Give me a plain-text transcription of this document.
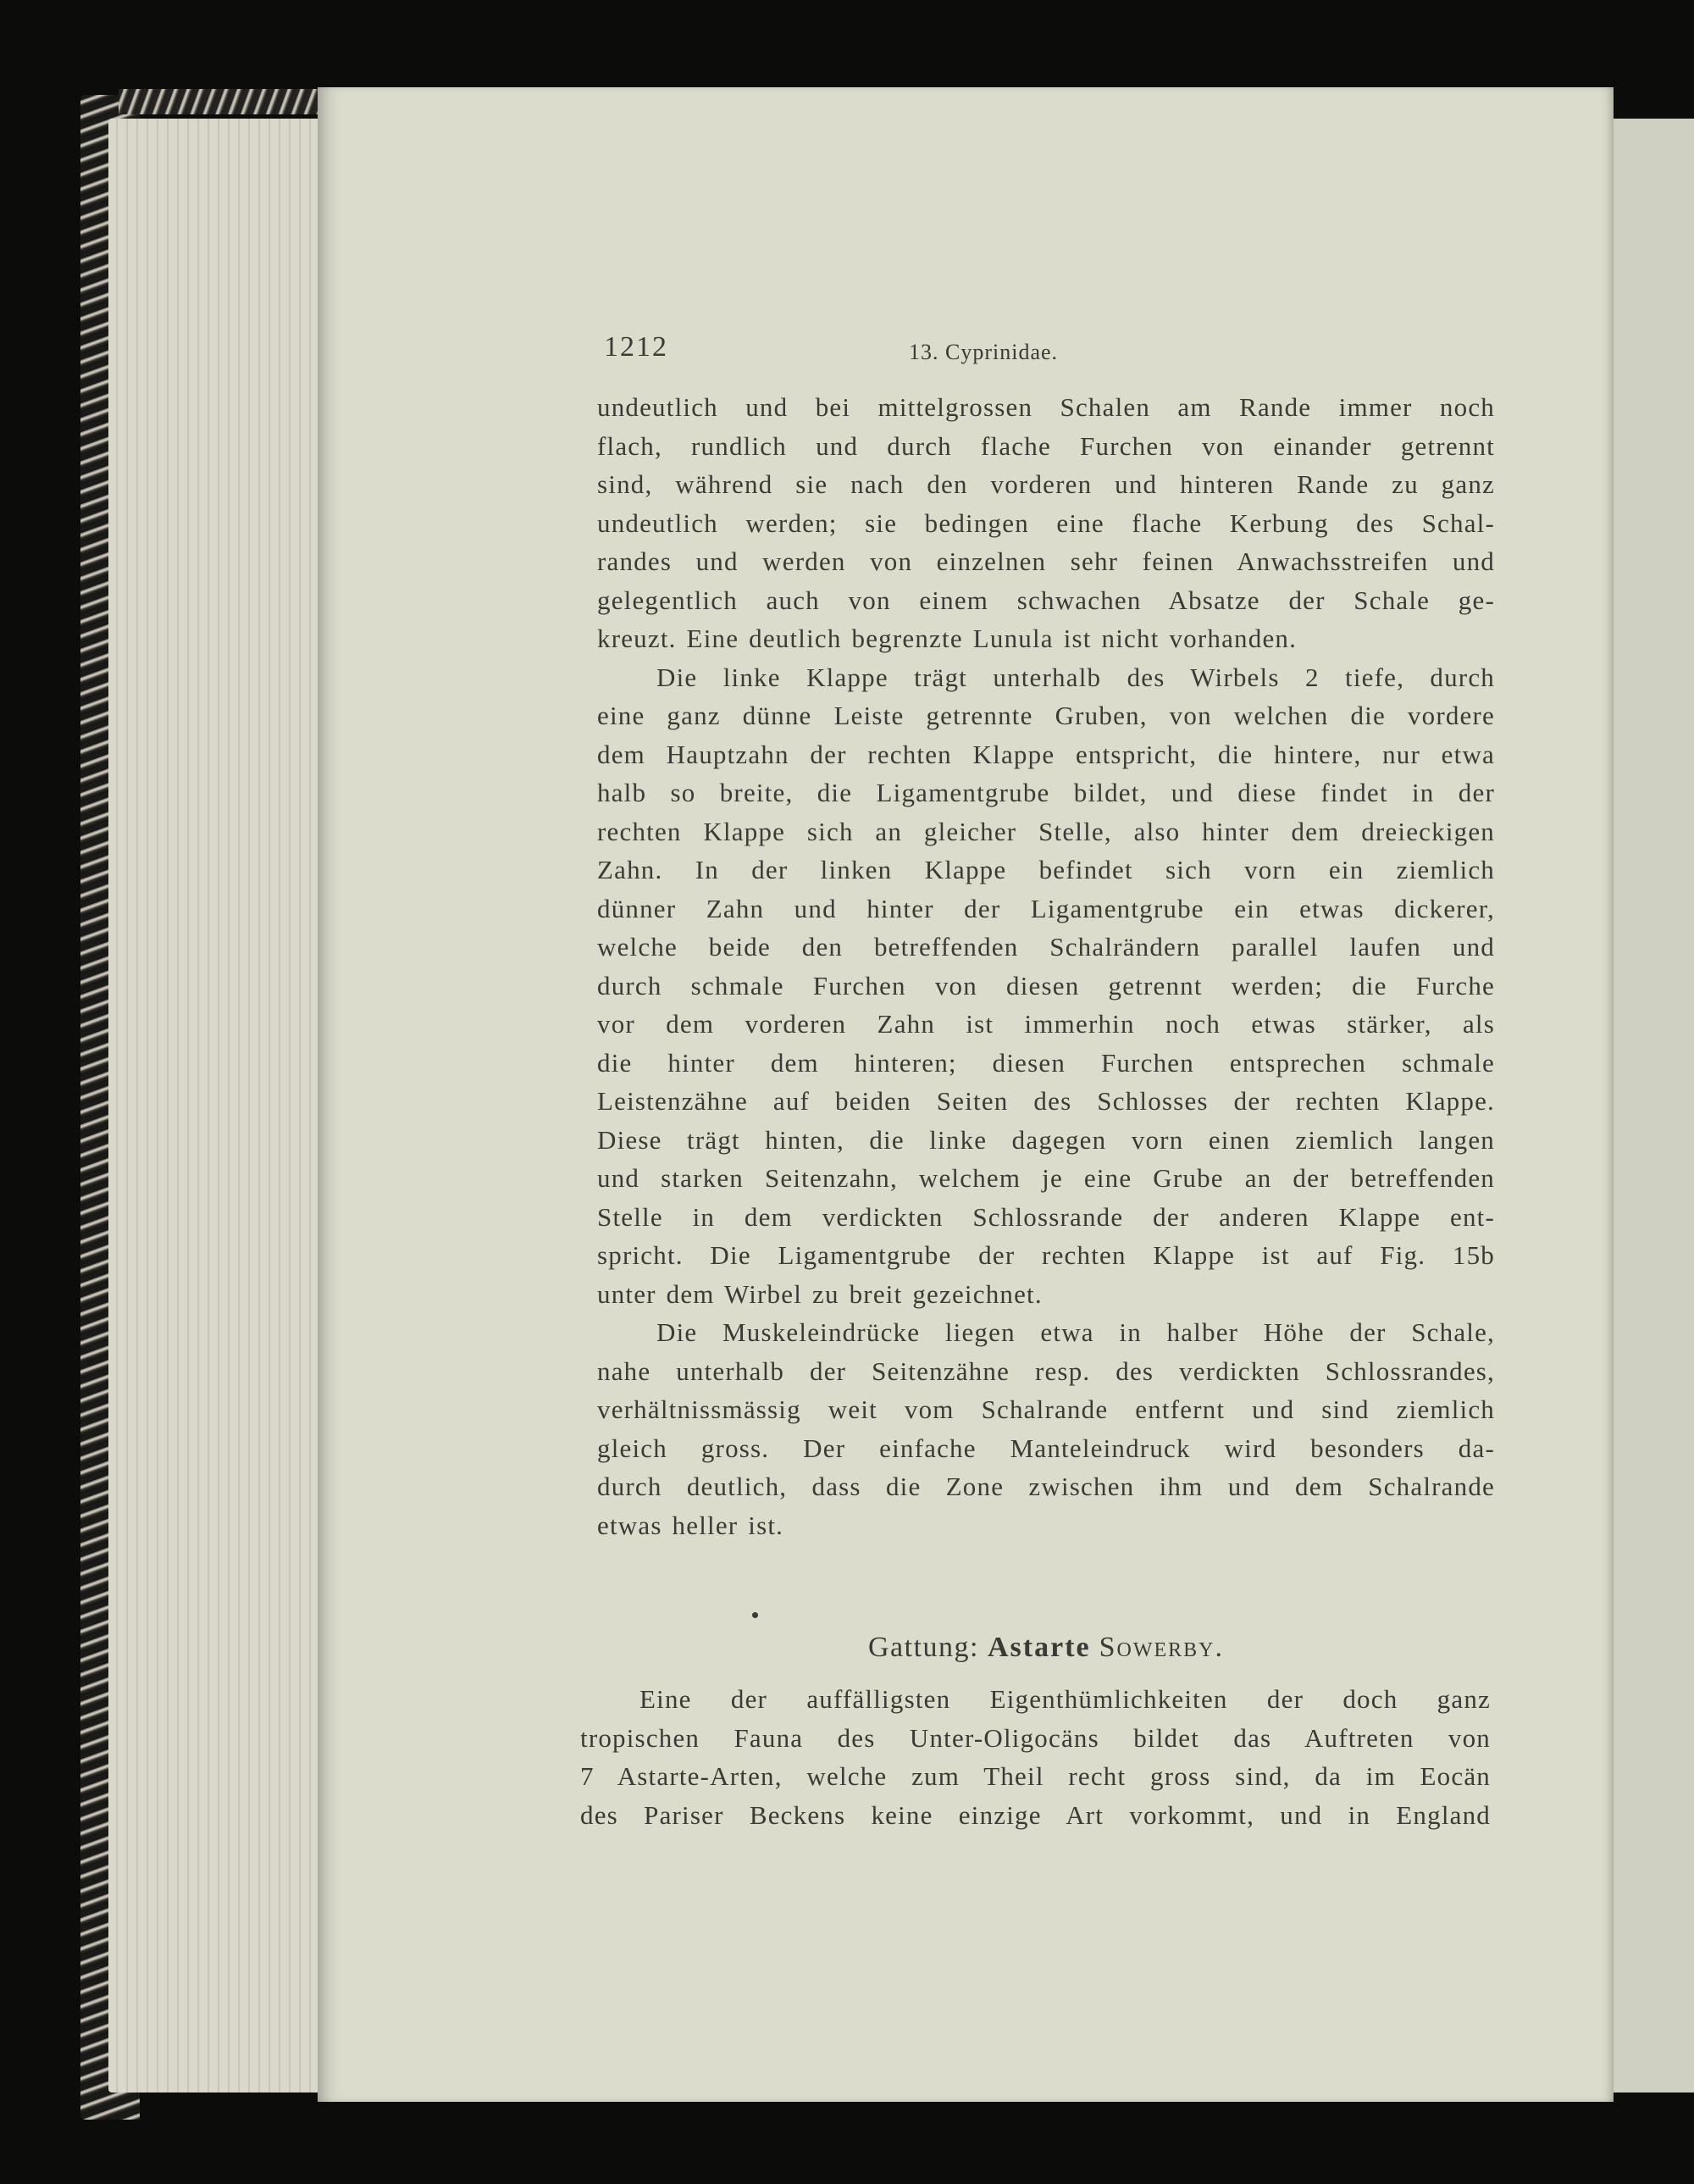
1212	13. Cyprinidae.
undeutlich und bei mittelgrossen Schalen am Rande immer noch
flach, rundlich und durch flache Furchen von einander getrennt
sind, während sie nach den vorderen und hinteren Rande zu ganz
undeutlich werden; sie bedingen eine flache Kerbung des Schal-
randes und werden von einzelnen sehr feinen Anwachsstreifen und
gelegentlich auch von einem schwachen Absatze der Schale ge-
kreuzt. Eine deutlich begrenzte Lunula ist nicht vorhanden.
Die linke Klappe trägt unterhalb des Wirbels 2 tiefe, durch
eine ganz dünne Leiste getrennte Gruben, von welchen die vordere
dem Hauptzahn der rechten Klappe entspricht, die hintere, nur etwa
halb so breite, die Ligamentgrube bildet, und diese findet in der
rechten Klappe sich an gleicher Stelle, also hinter dem dreieckigen
Zahn. In der linken Klappe befindet sich vorn ein ziemlich
dünner Zahn und hinter der Ligamentgrube ein etwas dickerer,
welche beide den betreffenden Schalrändern parallel laufen und
durch schmale Furchen von diesen getrennt werden; die Furche
vor dem vorderen Zahn ist immerhin noch etwas stärker, als
die hinter dem hinteren; diesen Furchen entsprechen schmale
Leistenzähne auf beiden Seiten des Schlosses der rechten Klappe.
Diese trägt hinten, die linke dagegen vorn einen ziemlich langen
und starken Seitenzahn, welchem je eine Grube an der betreffenden
Stelle in dem verdickten Schlossrande der anderen Klappe ent-
spricht. Die Ligamentgrube der rechten Klappe ist auf Fig. 15b
unter dem Wirbel zu breit gezeichnet.
Die Muskeleindrücke liegen etwa in halber Höhe der Schale,
nahe unterhalb der Seitenzähne resp. des verdickten Schlossrandes,
verhältnissmässig weit vom Schalrande entfernt und sind ziemlich
gleich gross. Der einfache Manteleindruck wird besonders da-
durch deutlich, dass die Zone zwischen ihm und dem Schalrande
etwas heller ist.
Gattung: Astarte Sowerby.
Eine der auffälligsten Eigenthümlichkeiten der doch ganz
tropischen Fauna des Unter-Oligocäns bildet das Auftreten von
7 Astarte-Arten, welche zum Theil recht gross sind, da im Eocän
des Pariser Beckens keine einzige Art vorkommt, und in England
